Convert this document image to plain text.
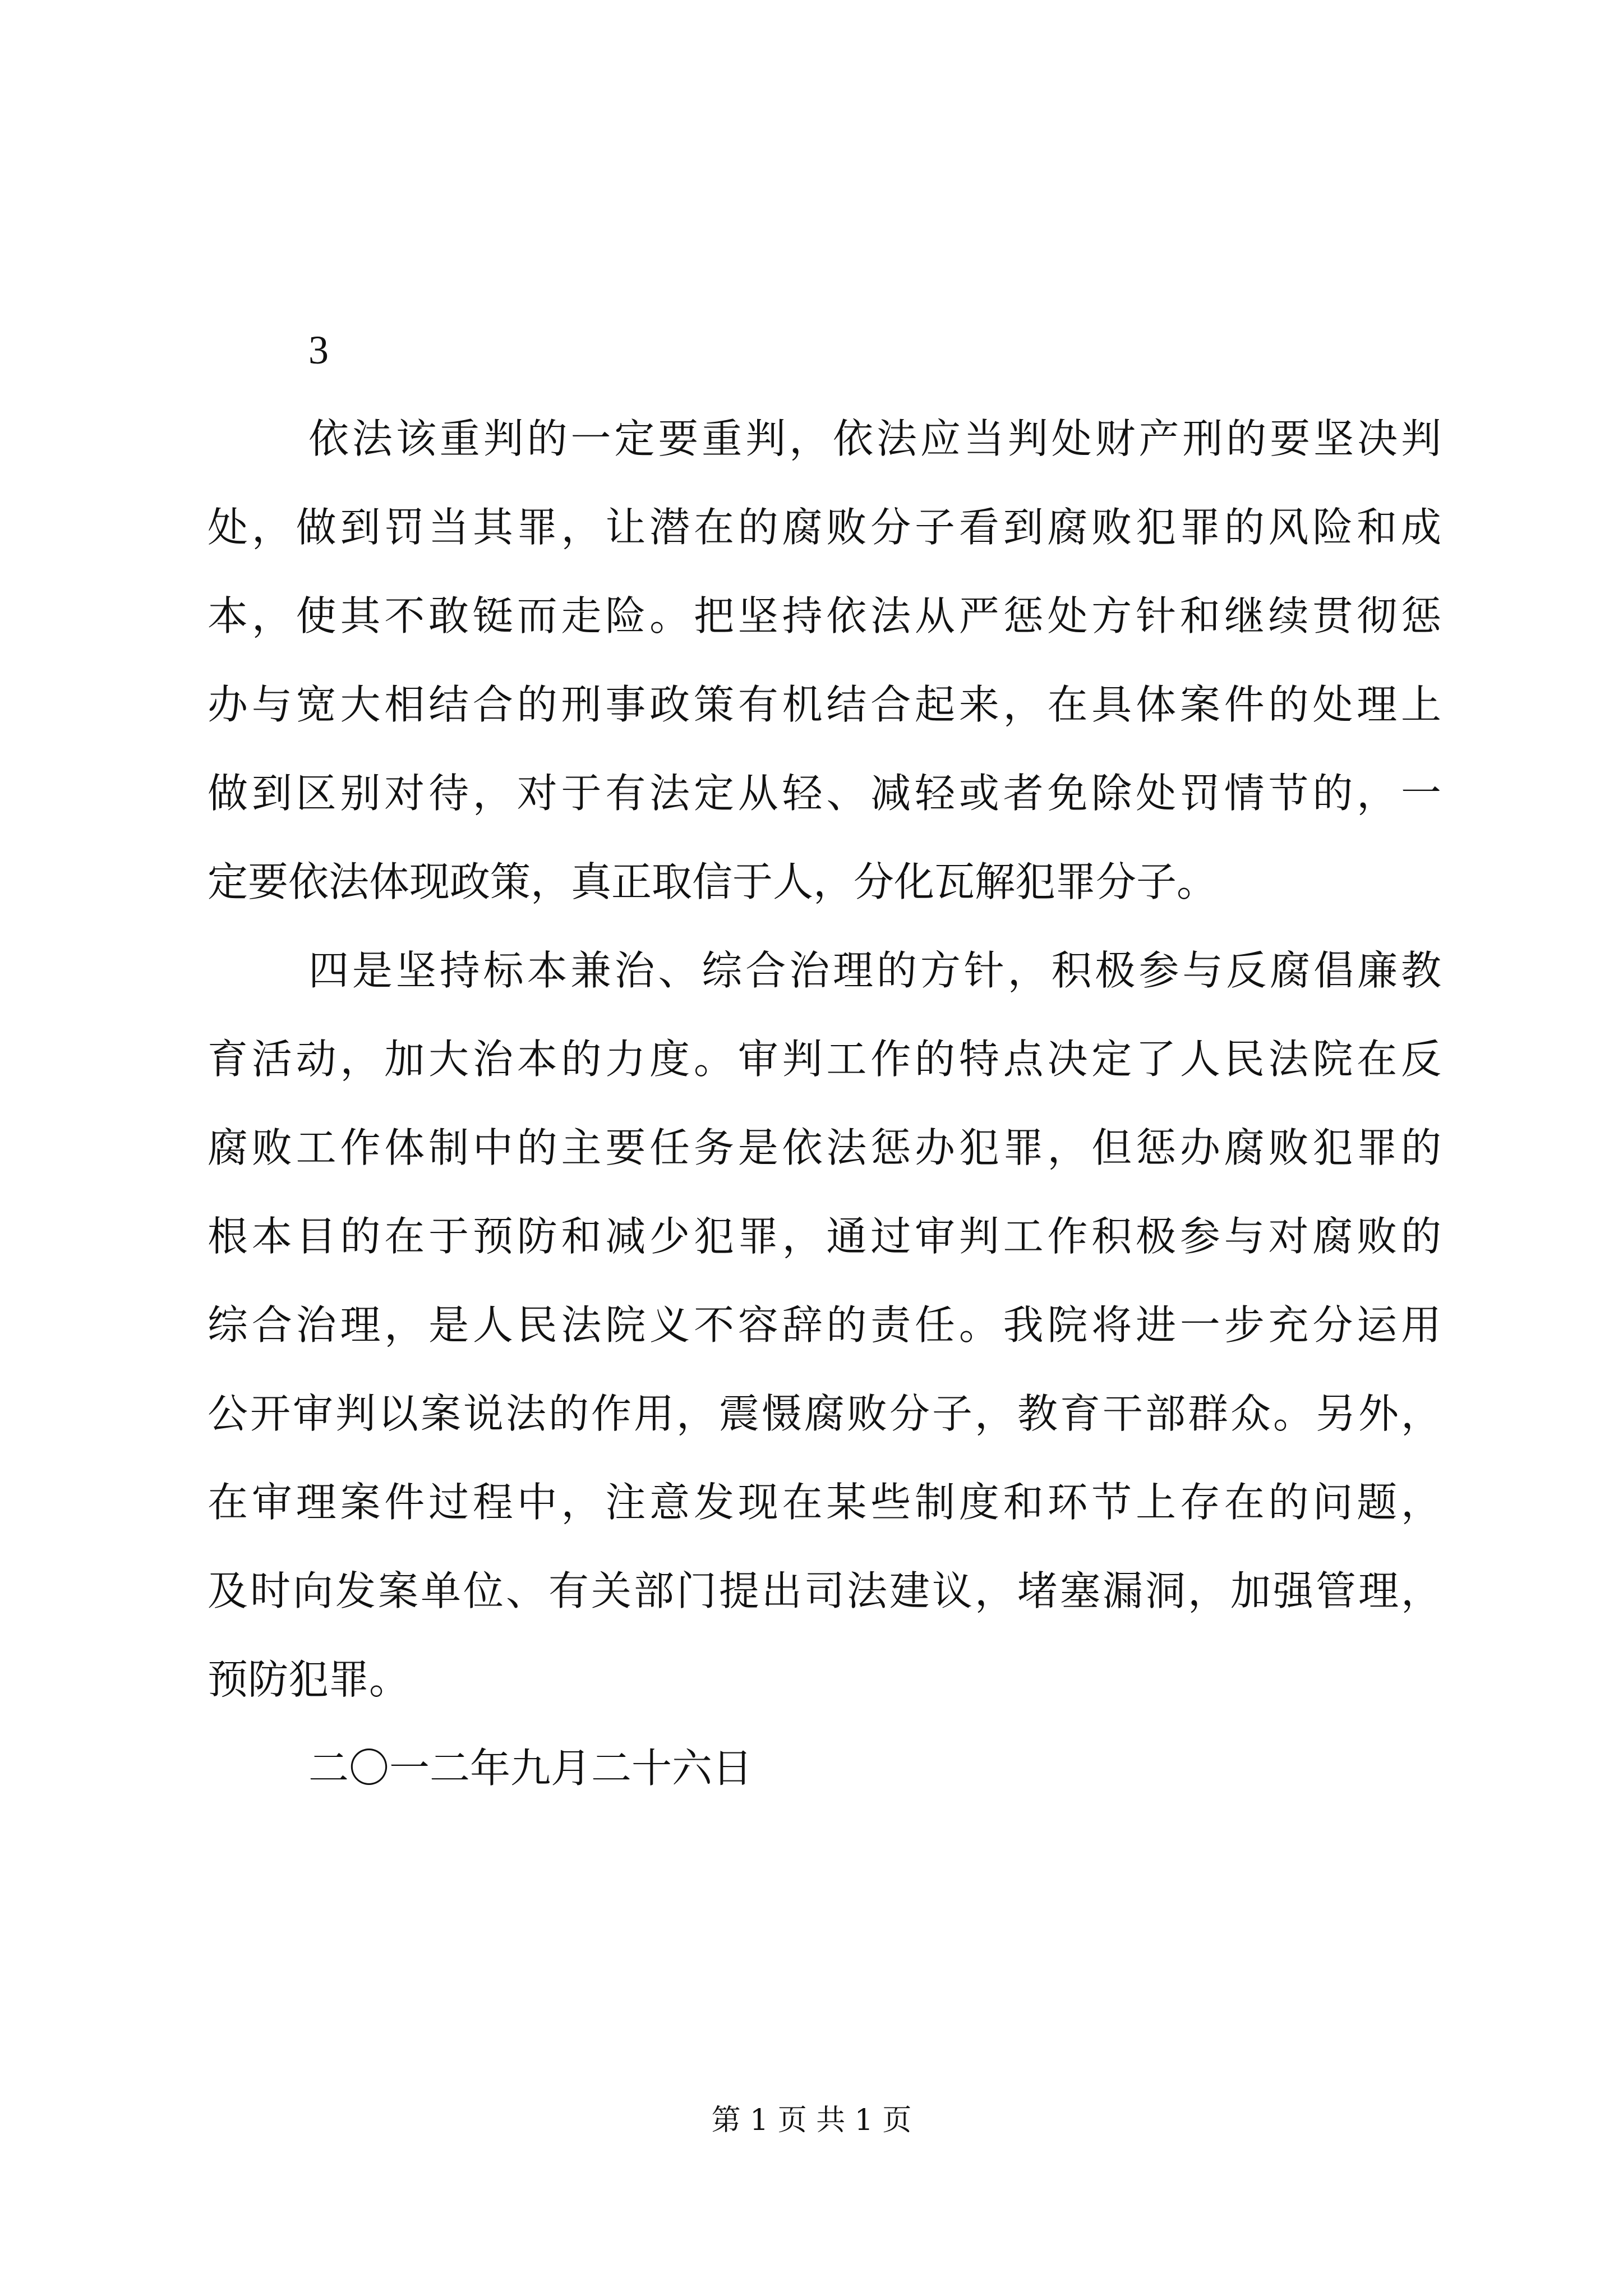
3
依法该重判的一定要重判，依法应当判处财产刑的要坚决判
处，做到罚当其罪，让潜在的腐败分子看到腐败犯罪的风险和成
本，使其不敢铤而走险。把坚持依法从严惩处方针和继续贯彻惩
办与宽大相结合的刑事政策有机结合起来，在具体案件的处理上
做到区别对待，对于有法定从轻、减轻或者免除处罚情节的，一
定要依法体现政策，真正取信于人，分化瓦解犯罪分子。
四是坚持标本兼治、综合治理的方针，积极参与反腐倡廉教
育活动，加大治本的力度。审判工作的特点决定了人民法院在反
腐败工作体制中的主要任务是依法惩办犯罪，但惩办腐败犯罪的
根本目的在于预防和减少犯罪，通过审判工作积极参与对腐败的
综合治理，是人民法院义不容辞的责任。我院将进一步充分运用
公开审判以案说法的作用，震慑腐败分子，教育干部群众。另外，
在审理案件过程中，注意发现在某些制度和环节上存在的问题，
及时向发案单位、有关部门提出司法建议，堵塞漏洞，加强管理，
预防犯罪。
二〇一二年九月二十六日
第 1 页 共 1 页
